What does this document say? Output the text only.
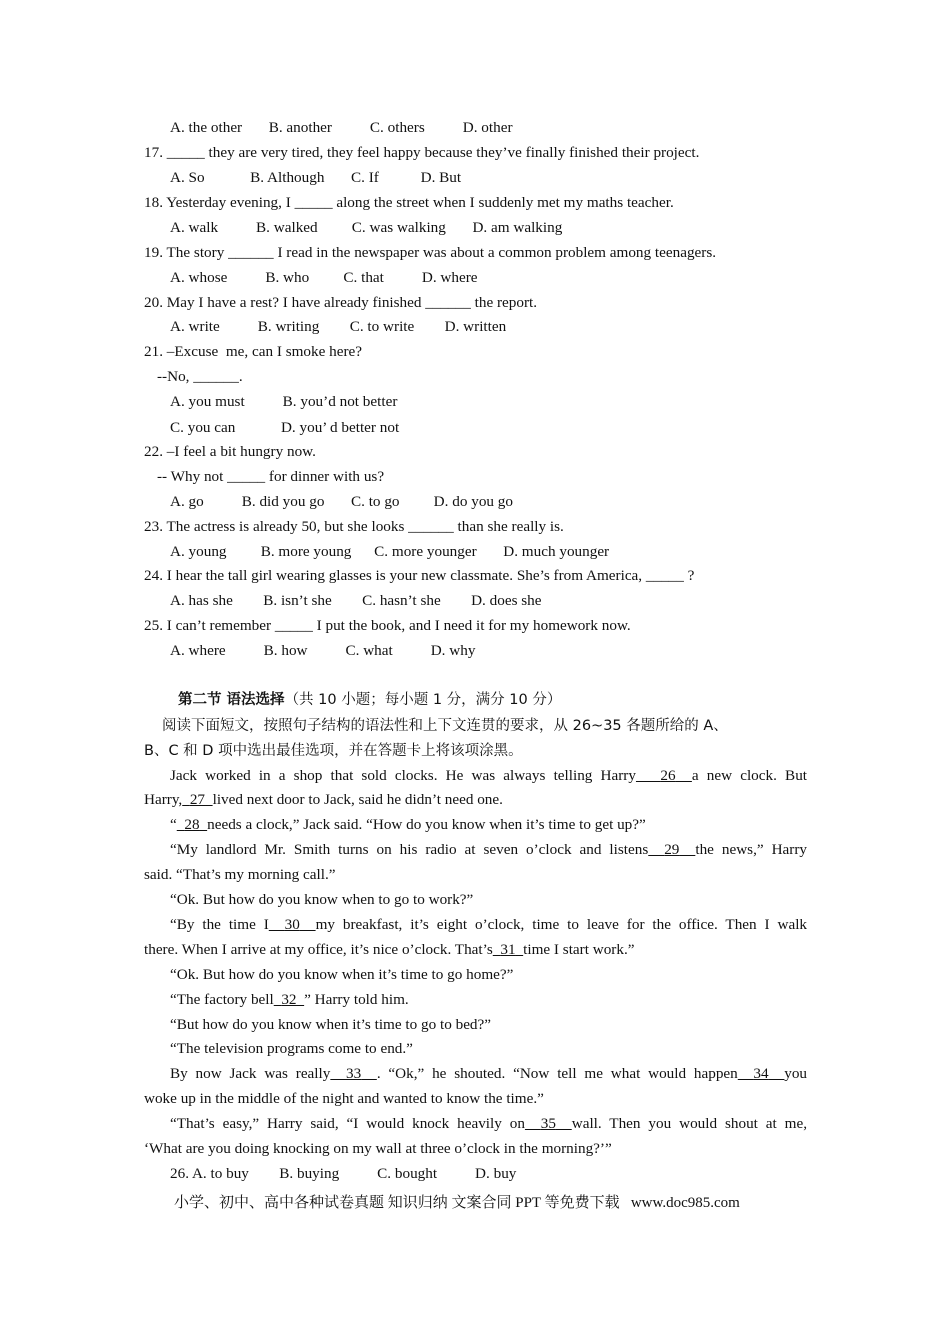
A. the other       B. another          C. others          D. other
17. _____ they are very tired, they feel happy because they’ve finally finished their project.
A. So            B. Although       C. If           D. But
18. Yesterday evening, I _____ along the street when I suddenly met my maths teacher.
A. walk          B. walked         C. was walking       D. am walking
19. The story ______ I read in the newspaper was about a common problem among teenagers.
A. whose          B. who         C. that          D. where
20. May I have a rest? I have already finished ______ the report.
A. write          B. writing        C. to write        D. written
21. –Excuse  me, can I smoke here?
--No, ______.
A. you must          B. you’d not better
C. you can            D. you’ d better not
22. –I feel a bit hungry now.
-- Why not _____ for dinner with us?
A. go          B. did you go       C. to go         D. do you go
23. The actress is already 50, but she looks ______ than she really is.
A. young         B. more young      C. more younger       D. much younger
24. I hear the tall girl wearing glasses is your new classmate. She’s from America, _____ ?
A. has she        B. isn’t she        C. hasn’t she        D. does she
25. I can’t remember _____ I put the book, and I need it for my homework now.
A. where          B. how          C. what          D. why
第二节 语法选择（共 10 小题；每小题 1 分，满分 10 分）
阅读下面短文，按照句子结构的语法性和上下文连贯的要求，从 26~35 各题所给的 A、
B、C 和 D 项中选出最佳选项，并在答题卡上将该项涂黑。
Jack worked in a shop that sold clocks. He was always telling Harry 26 a new clock. But
Harry, 27 lived next door to Jack, said he didn’t need one.
“ 28 needs a clock,” Jack said. “How do you know when it’s time to get up?”
“My landlord Mr. Smith turns on his radio at seven o’clock and listens 29 the news,” Harry
said. “That’s my morning call.”
“Ok. But how do you know when to go to work?”
“By the time I 30 my breakfast, it’s eight o’clock, time to leave for the office. Then I walk
there. When I arrive at my office, it’s nice o’clock. That’s 31 time I start work.”
“Ok. But how do you know when it’s time to go home?”
“The factory bell 32 ” Harry told him.
“But how do you know when it’s time to go to bed?”
“The television programs come to end.”
By now Jack was really 33 . “Ok,” he shouted. “Now tell me what would happen 34 you
woke up in the middle of the night and wanted to know the time.”
“That’s easy,” Harry said, “I would knock heavily on 35 wall. Then you would shout at me,
‘What are you doing knocking on my wall at three o’clock in the morning?’”
26. A. to buy        B. buying          C. bought          D. buy
小学、初中、高中各种试卷真题 知识归纳 文案合同 PPT 等免费下载   www.doc985.com
